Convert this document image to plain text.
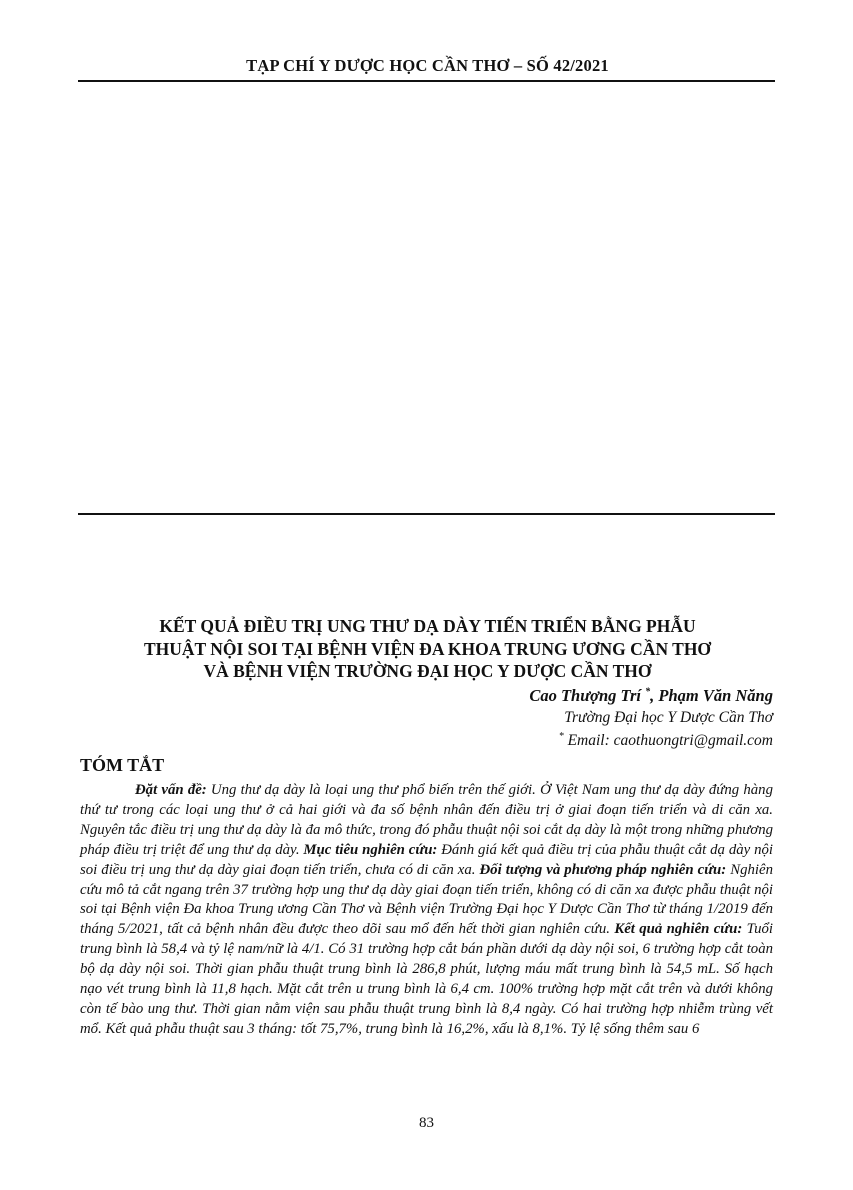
TẠP CHÍ Y DƯỢC HỌC CẦN THƠ – SỐ 42/2021
KẾT QUẢ ĐIỀU TRỊ UNG THƯ DẠ DÀY TIẾN TRIỂN BẰNG PHẪU
THUẬT NỘI SOI TẠI BỆNH VIỆN ĐA KHOA TRUNG ƯƠNG CẦN THƠ
VÀ BỆNH VIỆN TRƯỜNG ĐẠI HỌC Y DƯỢC CẦN THƠ
Cao Thượng Trí *, Phạm Văn Năng
Trường Đại học Y Dược Cần Thơ
* Email: caothuongtri@gmail.com
TÓM TẮT
Đặt vấn đề: Ung thư dạ dày là loại ung thư phổ biến trên thế giới. Ở Việt Nam ung thư dạ dày đứng hàng thứ tư trong các loại ung thư ở cả hai giới và đa số bệnh nhân đến điều trị ở giai đoạn tiến triển và di căn xa. Nguyên tắc điều trị ung thư dạ dày là đa mô thức, trong đó phẫu thuật nội soi cắt dạ dày là một trong những phương pháp điều trị triệt để ung thư dạ dày. Mục tiêu nghiên cứu: Đánh giá kết quả điều trị của phẫu thuật cắt dạ dày nội soi điều trị ung thư dạ dày giai đoạn tiến triển, chưa có di căn xa. Đối tượng và phương pháp nghiên cứu: Nghiên cứu mô tả cắt ngang trên 37 trường hợp ung thư dạ dày giai đoạn tiến triển, không có di căn xa được phẫu thuật nội soi tại Bệnh viện Đa khoa Trung ương Cần Thơ và Bệnh viện Trường Đại học Y Dược Cần Thơ từ tháng 1/2019 đến tháng 5/2021, tất cả bệnh nhân đều được theo dõi sau mổ đến hết thời gian nghiên cứu. Kết quả nghiên cứu: Tuổi trung bình là 58,4 và tỷ lệ nam/nữ là 4/1. Có 31 trường hợp cắt bán phần dưới dạ dày nội soi, 6 trường hợp cắt toàn bộ dạ dày nội soi. Thời gian phẫu thuật trung bình là 286,8 phút, lượng máu mất trung bình là 54,5 mL. Số hạch nạo vét trung bình là 11,8 hạch. Mặt cắt trên u trung bình là 6,4 cm. 100% trường hợp mặt cắt trên và dưới không còn tế bào ung thư. Thời gian nằm viện sau phẫu thuật trung bình là 8,4 ngày. Có hai trường hợp nhiễm trùng vết mổ. Kết quả phẫu thuật sau 3 tháng: tốt 75,7%, trung bình là 16,2%, xấu là 8,1%. Tỷ lệ sống thêm sau 6
83
